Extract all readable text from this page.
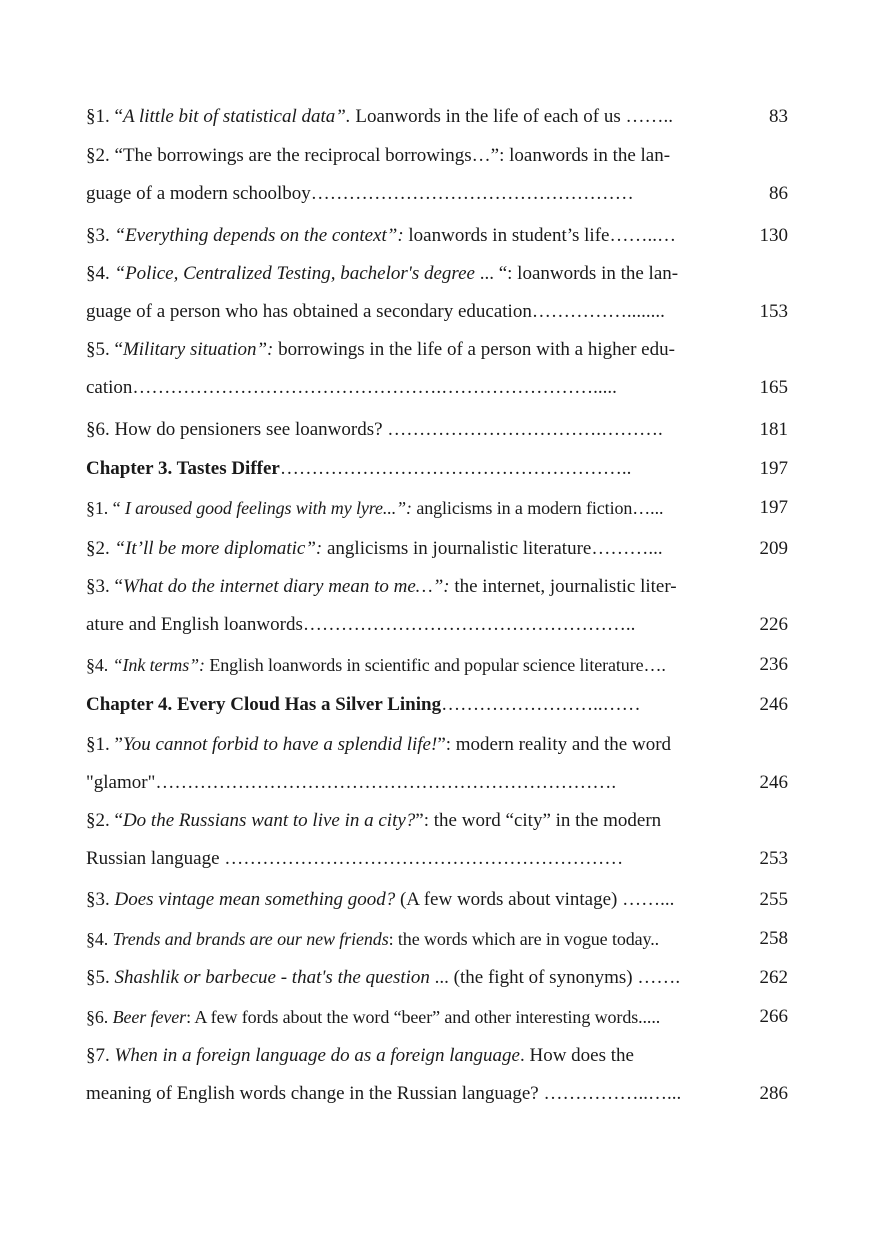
§1. “A little bit of statistical data”. Loanwords in the life of each of us ……..	83
§2. “The borrowings are the reciprocal borrowings…”: loanwords in the lan-
guage of a modern schoolboy……………………………………………	86
§3. “Everything depends on the context”: loanwords in student’s life……..…	130
§4. “Police, Centralized Testing, bachelor's degree ... “: loanwords in the lan-
guage of a person who has obtained a secondary education……………........	153
§5. “Military situation”: borrowings in the life of a person with a higher edu-
cation………………………………………….…………………….....	165
§6. How do pensioners see loanwords? …………………………….……….	181
Chapter 3. Tastes Differ………………………………………………..	197
§1. “ I aroused good feelings with my lyre...”: anglicisms in a modern fiction…...	197
§2. “It’ll be more diplomatic”: anglicisms in journalistic literature………...	209
§3. “What do the internet diary mean to me…”: the internet, journalistic liter-
ature and English loanwords……………………………………………..	226
§4. “Ink terms”: English loanwords in scientific and popular science literature….	236
Chapter 4. Every Cloud Has a Silver Lining……………………..……	246
§1. ”You cannot forbid to have a splendid life!”: modern reality and the word
"glamor"……………………………………………………………….	246
§2. “Do the Russians want to live in a city?”: the word “city” in the modern
Russian language ………………………………………………………	253
§3. Does vintage mean something good? (A few words about vintage) ……...	255
§4. Trends and brands are our new friends: the words which are in vogue today..	258
§5. Shashlik or barbecue - that's the question ... (the fight of synonyms) …….	262
§6. Beer fever: A few fords about the word “beer” and other interesting words.....	266
§7. When in a foreign language do as a foreign language. How does the
meaning of English words change in the Russian language? ……………..…...	286
